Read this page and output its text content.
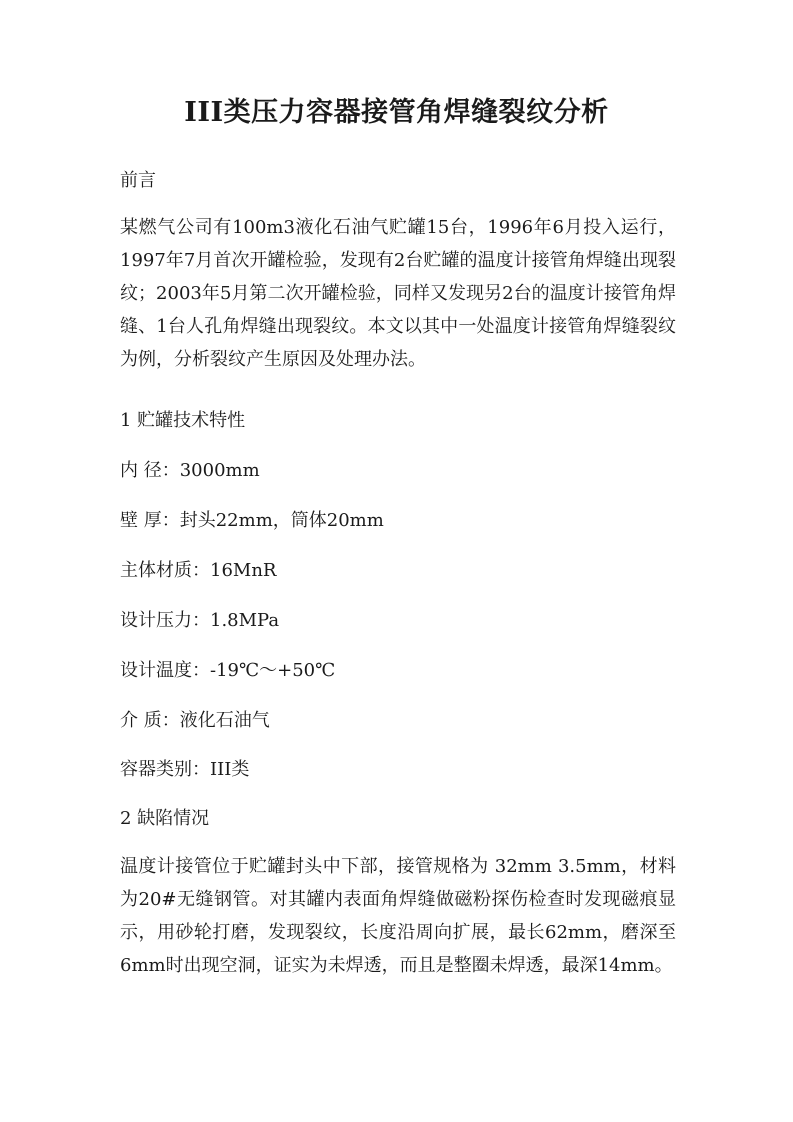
III类压力容器接管角焊缝裂纹分析

前言

某燃气公司有100m3液化石油气贮罐15台，1996年6月投入运行，1997年7月首次开罐检验，发现有2台贮罐的温度计接管角焊缝出现裂纹；2003年5月第二次开罐检验，同样又发现另2台的温度计接管角焊缝、1台人孔角焊缝出现裂纹。本文以其中一处温度计接管角焊缝裂纹为例，分析裂纹产生原因及处理办法。

1 贮罐技术特性

内 径：3000mm

壁 厚：封头22mm，筒体20mm

主体材质：16MnR

设计压力：1.8MPa

设计温度：-19℃～+50℃

介 质：液化石油气

容器类别：III类

2 缺陷情况

温度计接管位于贮罐封头中下部，接管规格为 32mm 3.5mm，材料为20#无缝钢管。对其罐内表面角焊缝做磁粉探伤检查时发现磁痕显示，用砂轮打磨，发现裂纹，长度沿周向扩展，最长62mm，磨深至6mm时出现空洞，证实为未焊透，而且是整圈未焊透，最深14mm。
